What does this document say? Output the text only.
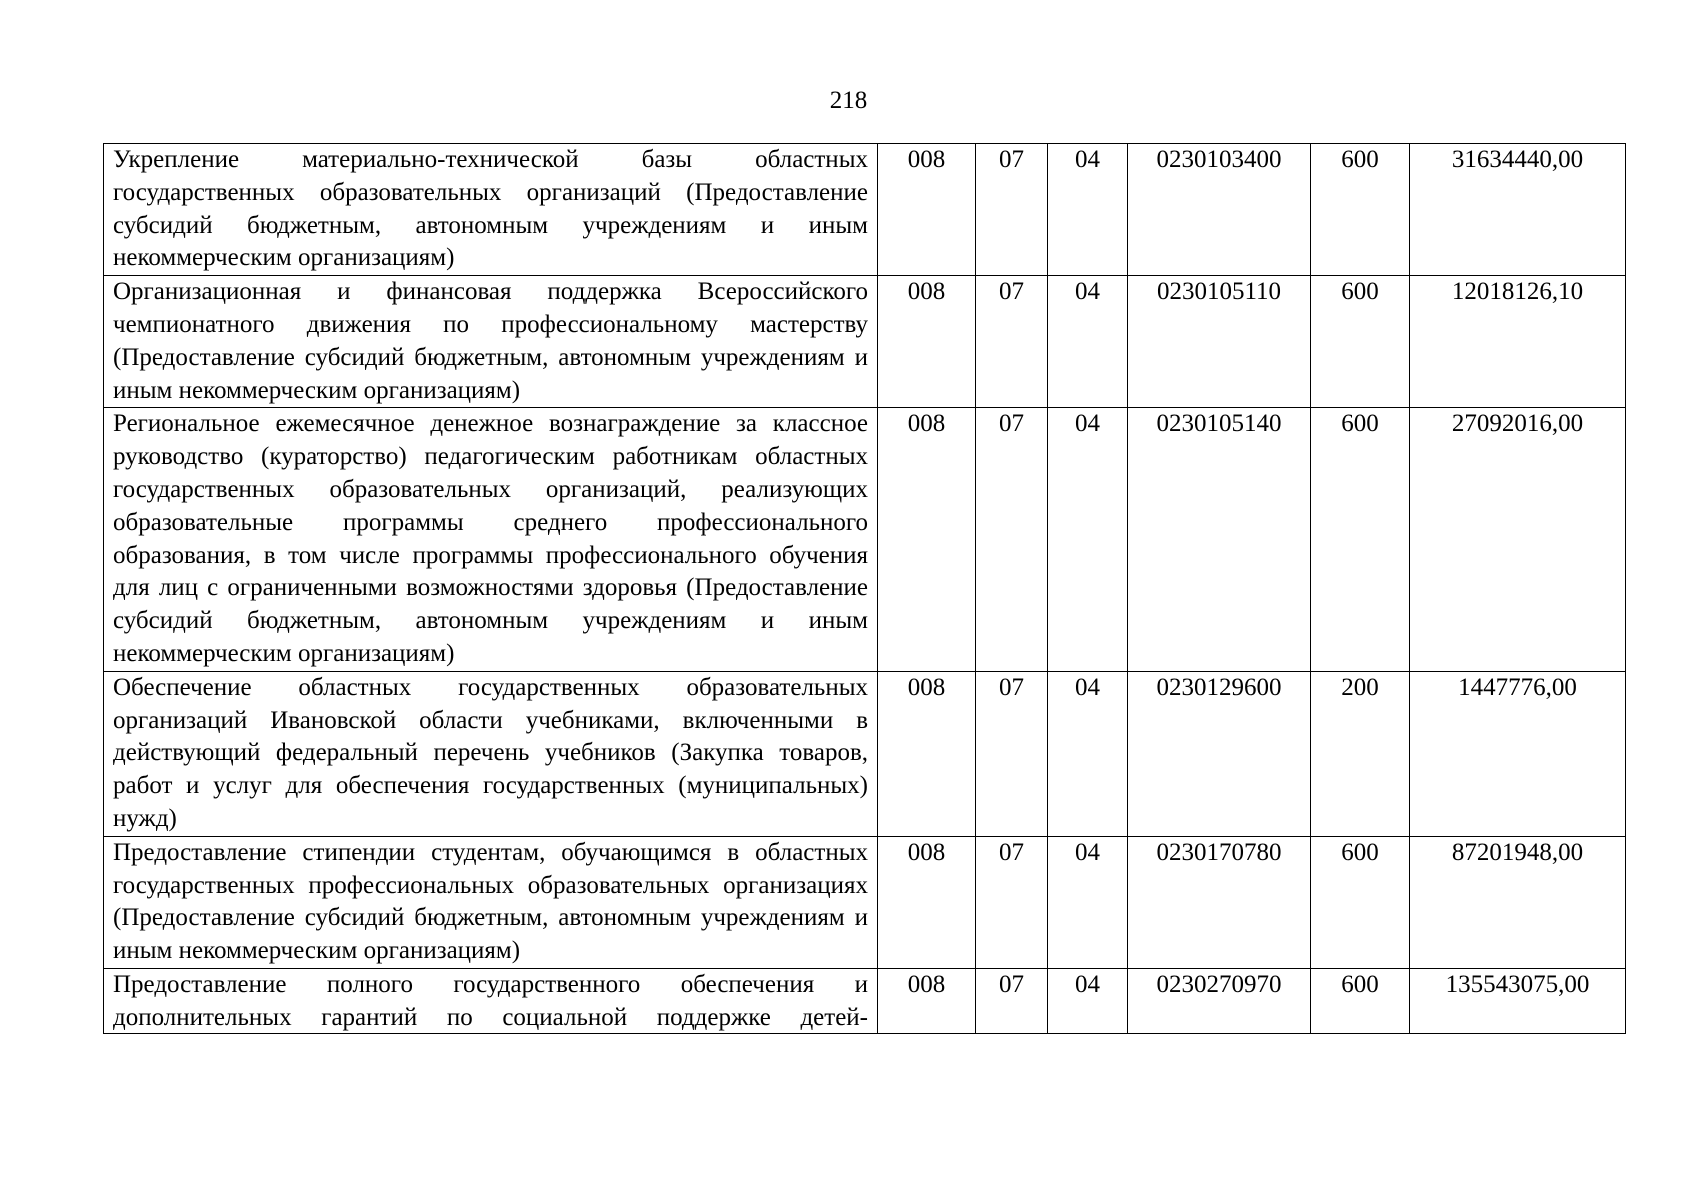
218
Укрепление материально-технической базы областных государственных образовательных организаций (Предоставление субсидий бюджетным, автономным учреждениям и иным некоммерческим организациям)	008	07	04	0230103400	600	31634440,00
Организационная и финансовая поддержка Всероссийского чемпионатного движения по профессиональному мастерству (Предоставление субсидий бюджетным, автономным учреждениям и иным некоммерческим организациям)	008	07	04	0230105110	600	12018126,10
Региональное ежемесячное денежное вознаграждение за классное руководство (кураторство) педагогическим работникам областных государственных образовательных организаций, реализующих образовательные программы среднего профессионального образования, в том числе программы профессионального обучения для лиц с ограниченными возможностями здоровья (Предоставление субсидий бюджетным, автономным учреждениям и иным некоммерческим организациям)	008	07	04	0230105140	600	27092016,00
Обеспечение областных государственных образовательных организаций Ивановской области учебниками, включенными в действующий федеральный перечень учебников (Закупка товаров, работ и услуг для обеспечения государственных (муниципальных) нужд)	008	07	04	0230129600	200	1447776,00
Предоставление стипендии студентам, обучающимся в областных государственных профессиональных образовательных организациях (Предоставление субсидий бюджетным, автономным учреждениям и иным некоммерческим организациям)	008	07	04	0230170780	600	87201948,00

Предоставление полного государственного обеспечения и дополнительных гарантий по социальной поддержке детей-	008	07	04	0230270970	600	135543075,00
